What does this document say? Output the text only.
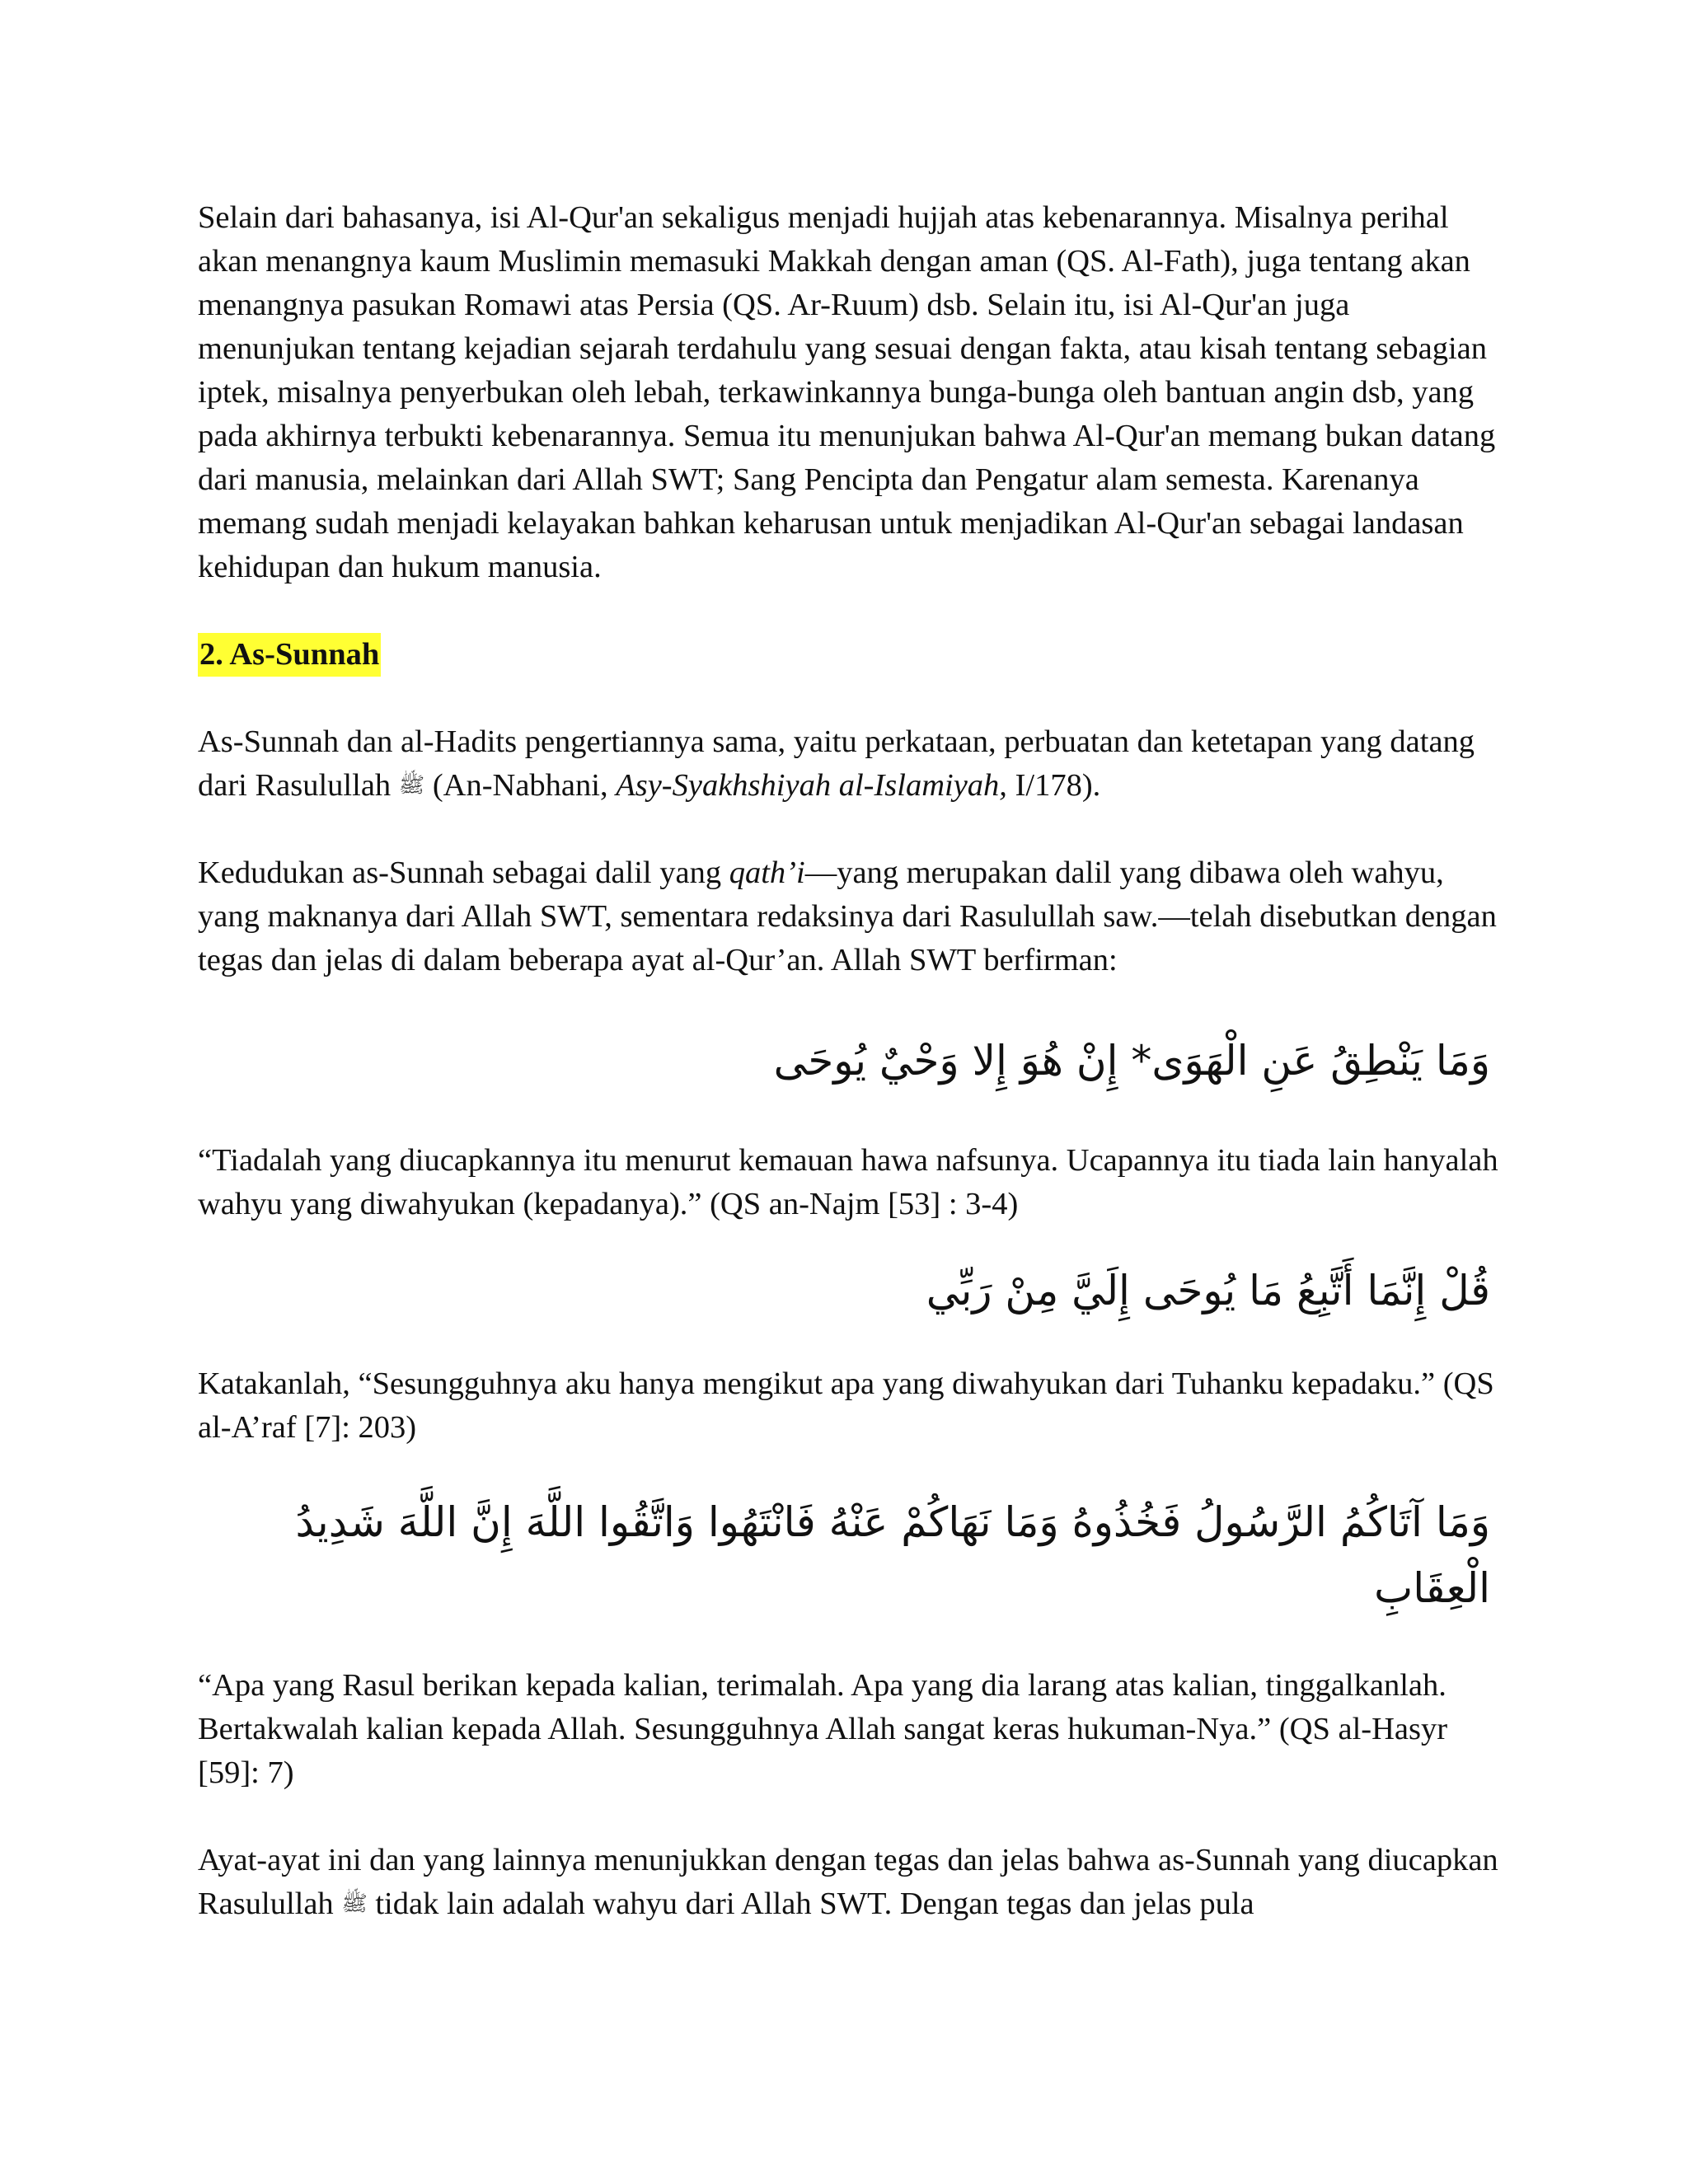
Selain dari bahasanya, isi Al-Qur'an sekaligus menjadi hujjah atas kebenarannya. Misalnya perihal akan menangnya kaum Muslimin memasuki Makkah dengan aman (QS. Al-Fath), juga tentang akan menangnya pasukan Romawi atas Persia (QS. Ar-Ruum) dsb. Selain itu, isi Al-Qur'an juga menunjukan tentang kejadian sejarah terdahulu yang sesuai dengan fakta, atau kisah tentang sebagian iptek, misalnya penyerbukan oleh lebah, terkawinkannya bunga-bunga oleh bantuan angin dsb, yang pada akhirnya terbukti kebenarannya. Semua itu menunjukan bahwa Al-Qur'an memang bukan datang dari manusia, melainkan dari Allah SWT; Sang Pencipta dan Pengatur alam semesta. Karenanya memang sudah menjadi kelayakan bahkan keharusan untuk menjadikan Al-Qur'an sebagai landasan kehidupan dan hukum manusia.

2. As-Sunnah

As-Sunnah dan al-Hadits pengertiannya sama, yaitu perkataan, perbuatan dan ketetapan yang datang dari Rasulullah ﷺ (An-Nabhani, Asy-Syakhshiyah al-Islamiyah, I/178).

Kedudukan as-Sunnah sebagai dalil yang qath’i—yang merupakan dalil yang dibawa oleh wahyu, yang maknanya dari Allah SWT, sementara redaksinya dari Rasulullah saw.—telah disebutkan dengan tegas dan jelas di dalam beberapa ayat al-Qur’an. Allah SWT berfirman:

وَمَا يَنْطِقُ عَنِ الْهَوَى* إِنْ هُوَ إِلا وَحْيٌ يُوحَى

“Tiadalah yang diucapkannya itu menurut kemauan hawa nafsunya. Ucapannya itu tiada lain hanyalah wahyu yang diwahyukan (kepadanya).” (QS an-Najm [53] : 3-4)

قُلْ إِنَّمَا أَتَّبِعُ مَا يُوحَى إِلَيَّ مِنْ رَبِّي

Katakanlah, “Sesungguhnya aku hanya mengikut apa yang diwahyukan dari Tuhanku kepadaku.” (QS al-A’raf [7]: 203)

وَمَا آتَاكُمُ الرَّسُولُ فَخُذُوهُ وَمَا نَهَاكُمْ عَنْهُ فَانْتَهُوا وَاتَّقُوا اللَّهَ إِنَّ اللَّهَ شَدِيدُ الْعِقَابِ

“Apa yang Rasul berikan kepada kalian, terimalah. Apa yang dia larang atas kalian, tinggalkanlah. Bertakwalah kalian kepada Allah. Sesungguhnya Allah sangat keras hukuman-Nya.” (QS al-Hasyr [59]: 7)

Ayat-ayat ini dan yang lainnya menunjukkan dengan tegas dan jelas bahwa as-Sunnah yang diucapkan Rasulullah ﷺ tidak lain adalah wahyu dari Allah SWT. Dengan tegas dan jelas pula
